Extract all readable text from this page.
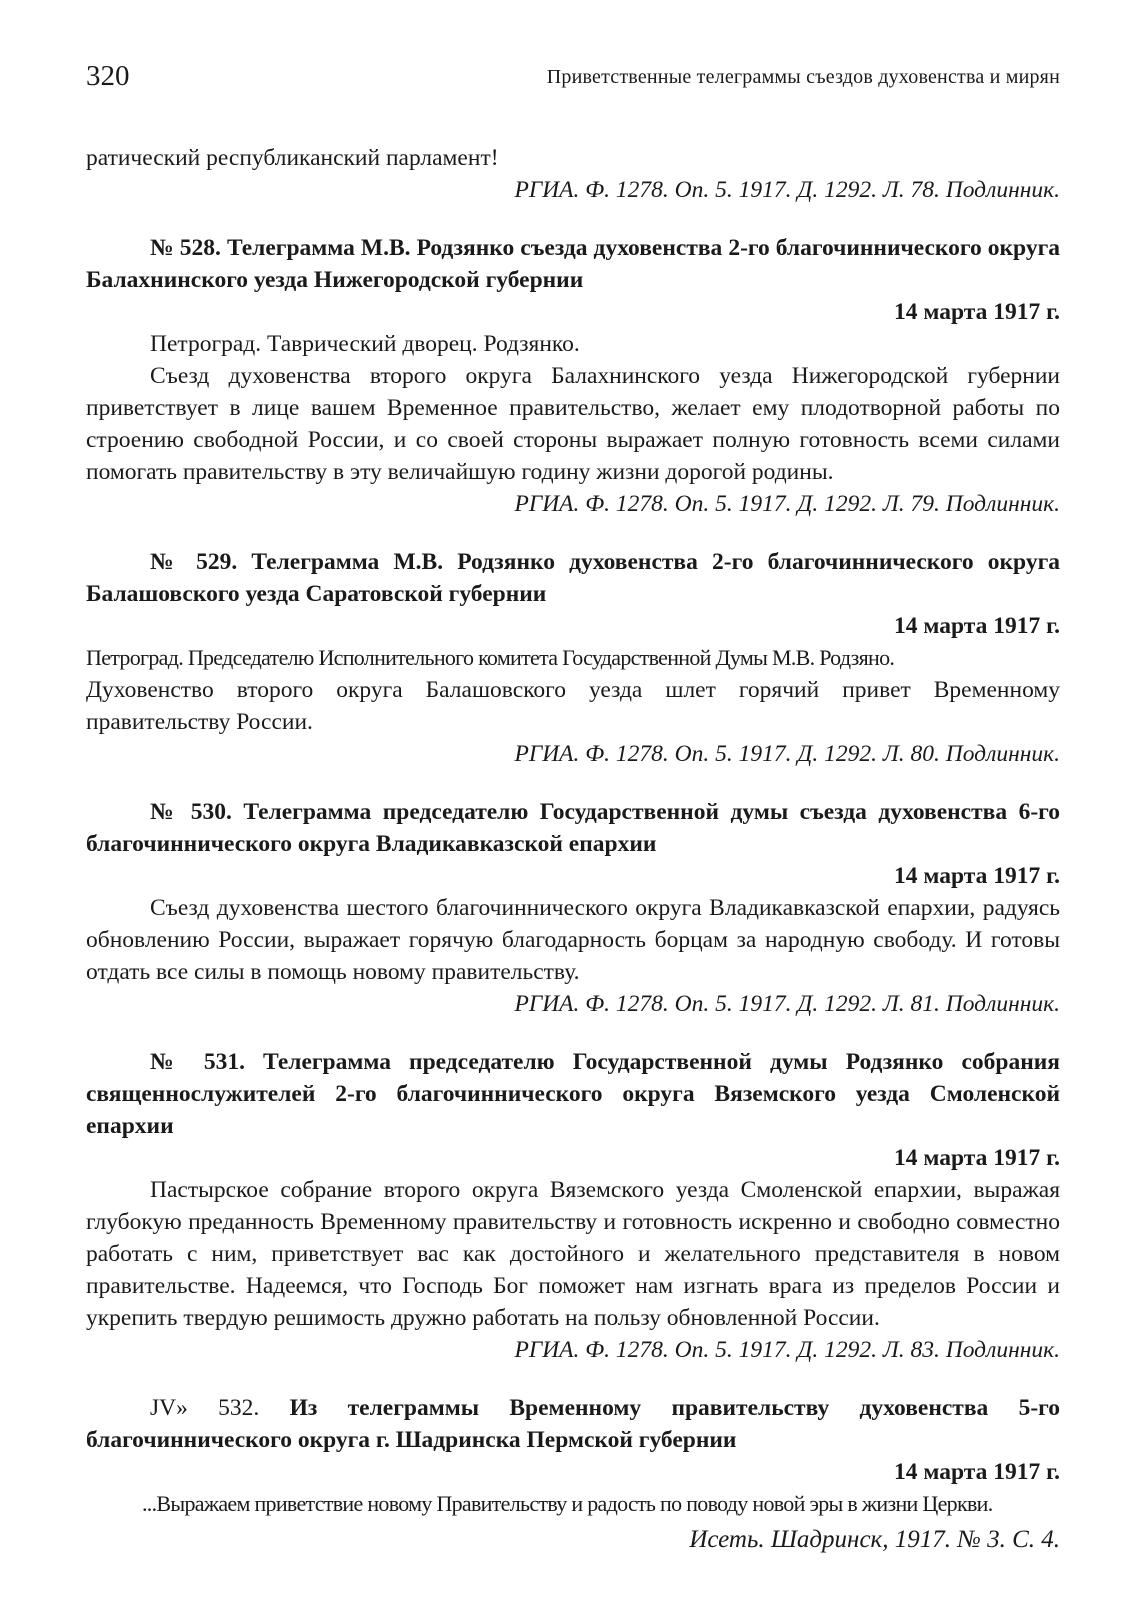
320	Приветственные телеграммы съездов духовенства и мирян

ратический республиканский парламент!

РГИА. Ф. 1278. Оп. 5. 1917. Д. 1292. Л. 78. Подлинник.

№ 528. Телеграмма М.В. Родзянко съезда духовенства 2-го благочиннического округа Балахнинского уезда Нижегородской губернии

14 марта 1917 г.

Петроград. Таврический дворец. Родзянко.

Съезд духовенства второго округа Балахнинского уезда Нижегородской губернии приветствует в лице вашем Временное правительство, желает ему плодотворной работы по строению свободной России, и со своей стороны выражает полную готовность всеми силами помогать правительству в эту величайшую годину жизни дорогой родины.

РГИА. Ф. 1278. Оп. 5. 1917. Д. 1292. Л. 79. Подлинник.

№ 529. Телеграмма М.В. Родзянко духовенства 2-го благочиннического округа Балашовского уезда Саратовской губернии

14 марта 1917 г.

Петроград. Председателю Исполнительного комитета Государственной Думы М.В. Родзяно.

Духовенство второго округа Балашовского уезда шлет горячий привет Временному правительству России.

РГИА. Ф. 1278. Оп. 5. 1917. Д. 1292. Л. 80. Подлинник.

№ 530. Телеграмма председателю Государственной думы съезда духовенства 6-го благочиннического округа Владикавказской епархии

14 марта 1917 г.

Съезд духовенства шестого благочиннического округа Владикавказской епархии, радуясь обновлению России, выражает горячую благодарность борцам за народную свободу. И готовы отдать все силы в помощь новому правительству.

РГИА. Ф. 1278. Оп. 5. 1917. Д. 1292. Л. 81. Подлинник.

№ 531. Телеграмма председателю Государственной думы Родзянко собрания священнослужителей 2-го благочиннического округа Вяземского уезда Смоленской епархии

14 марта 1917 г.

Пастырское собрание второго округа Вяземского уезда Смоленской епархии, выражая глубокую преданность Временному правительству и готовность искренно и свободно совместно работать с ним, приветствует вас как достойного и желательного представителя в новом правительстве. Надеемся, что Господь Бог поможет нам изгнать врага из пределов России и укрепить твердую решимость дружно работать на пользу обновленной России.

РГИА. Ф. 1278. Оп. 5. 1917. Д. 1292. Л. 83. Подлинник.

JV» 532. Из телеграммы Временному правительству духовенства 5-го благочиннического округа г. Шадринска Пермской губернии

14 марта 1917 г.

...Выражаем приветствие новому Правительству и радость по поводу новой эры в жизни Церкви.

Исеть. Шадринск, 1917. № 3. С. 4.
